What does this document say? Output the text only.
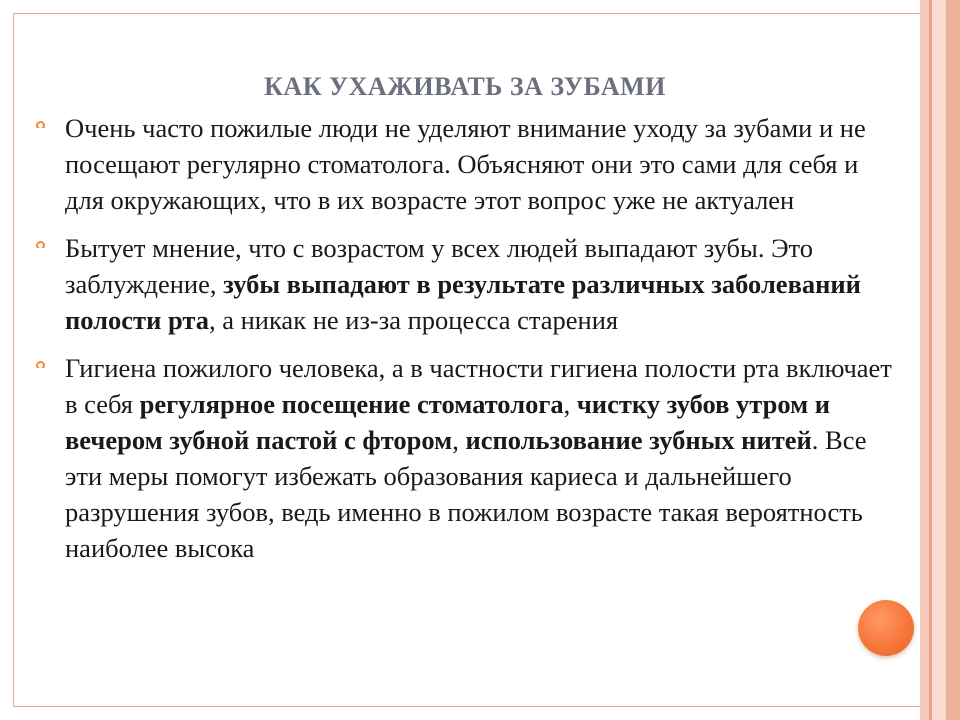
КАК УХАЖИВАТЬ ЗА ЗУБАМИ
Очень часто пожилые люди не уделяют внимание уходу за зубами и не посещают регулярно стоматолога. Объясняют они это сами для себя и для окружающих, что в их возрасте этот вопрос уже не актуален
Бытует мнение, что с возрастом у всех людей выпадают зубы. Это заблуждение, зубы выпадают в результате различных заболеваний полости рта, а никак не из-за процесса старения
Гигиена пожилого человека, а в частности гигиена полости рта включает в себя регулярное посещение стоматолога, чистку зубов утром и вечером зубной пастой с фтором, использование зубных нитей. Все эти меры помогут избежать образования кариеса и дальнейшего разрушения зубов, ведь именно в пожилом возрасте такая вероятность наиболее высока
